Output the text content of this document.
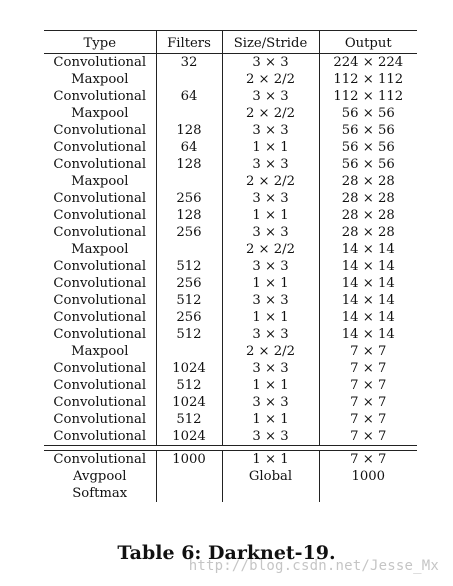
Type	Filters	Size/Stride	Output
Convolutional	32	3 × 3	224 × 224
Maxpool		2 × 2/2	112 × 112
Convolutional	64	3 × 3	112 × 112
Maxpool		2 × 2/2	56 × 56
Convolutional	128	3 × 3	56 × 56
Convolutional	64	1 × 1	56 × 56
Convolutional	128	3 × 3	56 × 56
Maxpool		2 × 2/2	28 × 28
Convolutional	256	3 × 3	28 × 28
Convolutional	128	1 × 1	28 × 28
Convolutional	256	3 × 3	28 × 28
Maxpool		2 × 2/2	14 × 14
Convolutional	512	3 × 3	14 × 14
Convolutional	256	1 × 1	14 × 14
Convolutional	512	3 × 3	14 × 14
Convolutional	256	1 × 1	14 × 14
Convolutional	512	3 × 3	14 × 14
Maxpool		2 × 2/2	7 × 7
Convolutional	1024	3 × 3	7 × 7
Convolutional	512	1 × 1	7 × 7
Convolutional	1024	3 × 3	7 × 7
Convolutional	512	1 × 1	7 × 7
Convolutional	1024	3 × 3	7 × 7

Convolutional	1000	1 × 1	7 × 7
Avgpool		Global	1000
Softmax			
Table 6: Darknet-19.
http://blog.csdn.net/Jesse_Mx
